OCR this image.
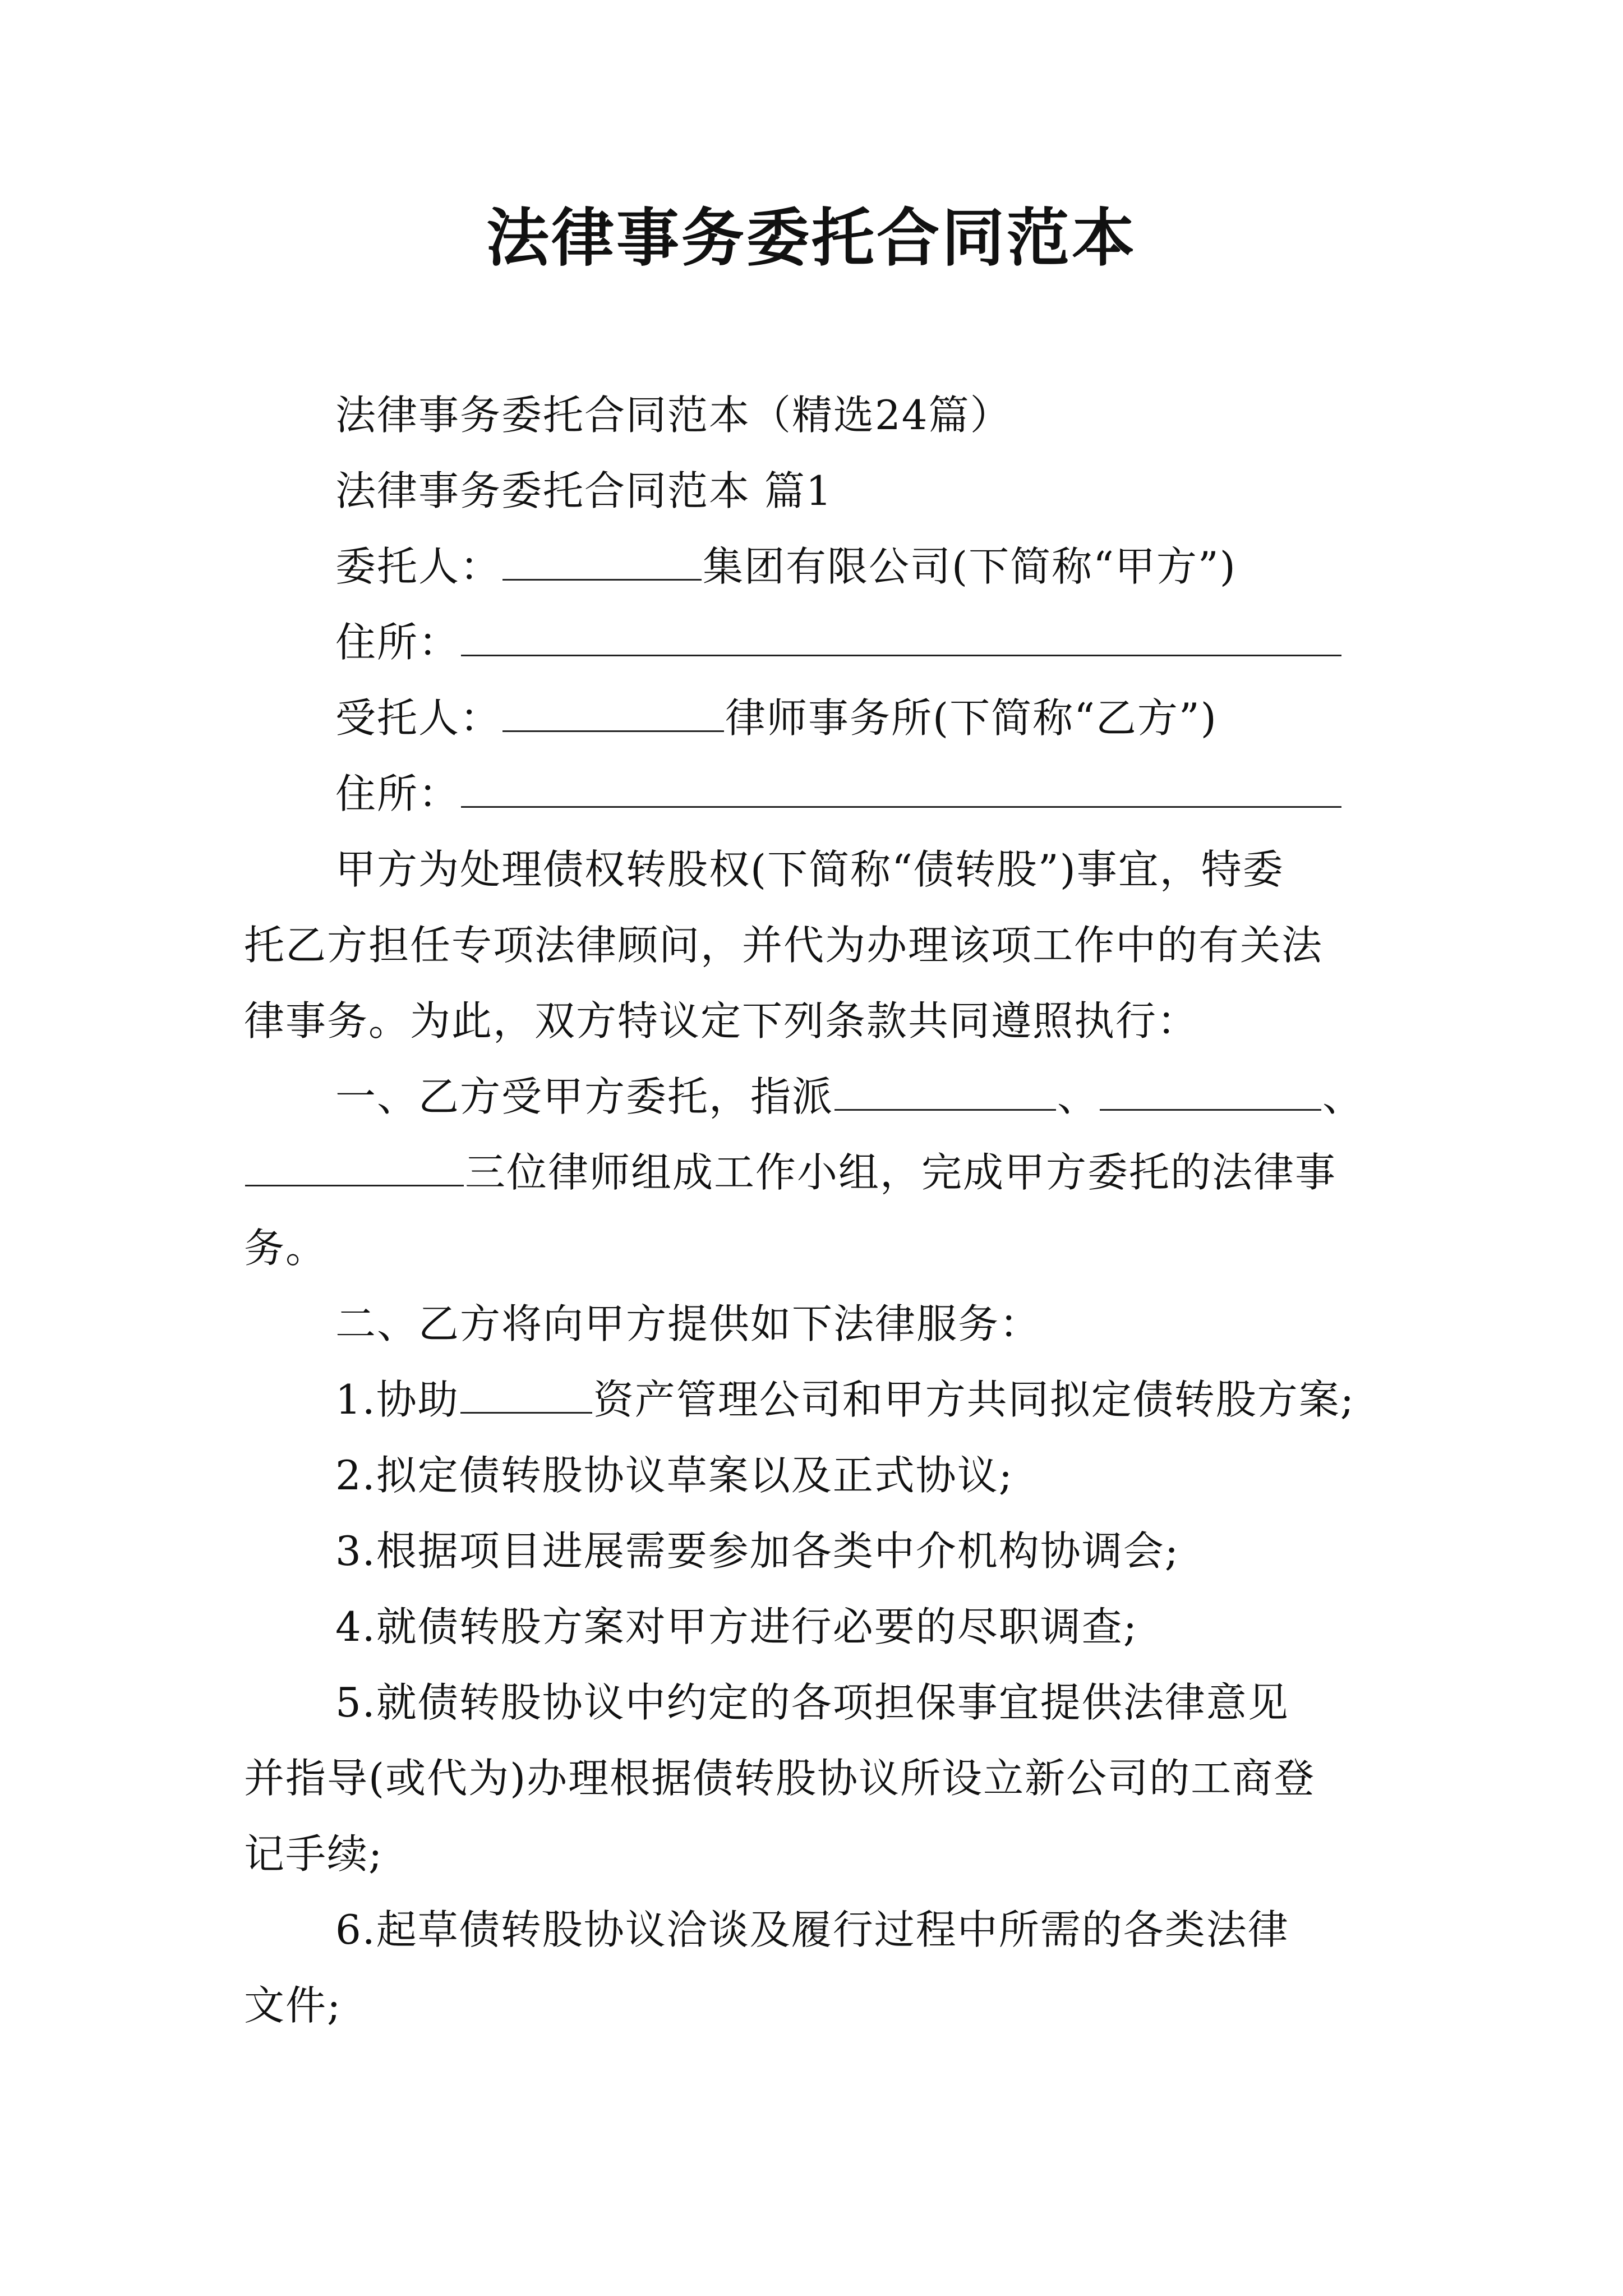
法律事务委托合同范本
法律事务委托合同范本（精选24篇）
法律事务委托合同范本 篇1
委托人：	集团有限公司(下简称“甲方”)
住所：
受托人：	律师事务所(下简称“乙方”)
住所：
甲方为处理债权转股权(下简称“债转股”)事宜，特委
托乙方担任专项法律顾问，并代为办理该项工作中的有关法
律事务。为此，双方特议定下列条款共同遵照执行：
一、乙方受甲方委托，指派	、	、
三位律师组成工作小组，完成甲方委托的法律事
务。
二、乙方将向甲方提供如下法律服务：
1.协助	资产管理公司和甲方共同拟定债转股方案;
2.拟定债转股协议草案以及正式协议;
3.根据项目进展需要参加各类中介机构协调会;
4.就债转股方案对甲方进行必要的尽职调查;
5.就债转股协议中约定的各项担保事宜提供法律意见
并指导(或代为)办理根据债转股协议所设立新公司的工商登
记手续;
6.起草债转股协议洽谈及履行过程中所需的各类法律
文件;
